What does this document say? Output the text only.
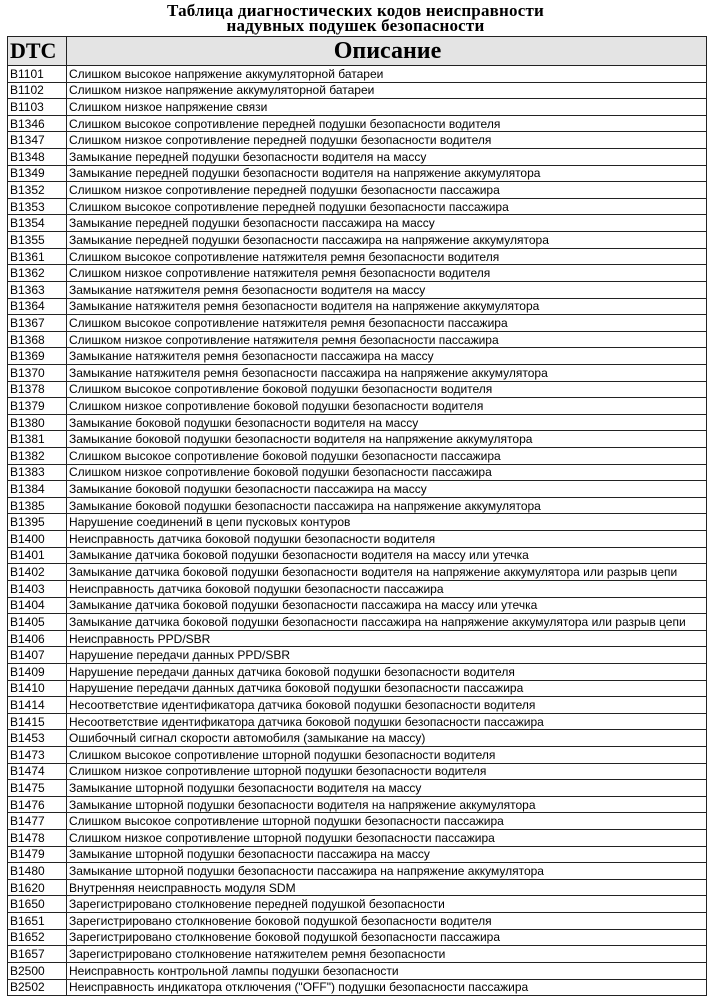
Таблица диагностических кодов неисправности
надувных подушек безопасности
DTC	Описание
B1101	Слишком высокое напряжение аккумуляторной батареи
B1102	Слишком низкое напряжение аккумуляторной батареи
B1103	Слишком низкое напряжение связи
B1346	Слишком высокое сопротивление передней подушки безопасности водителя
B1347	Слишком низкое сопротивление передней подушки безопасности водителя
B1348	Замыкание передней подушки безопасности водителя на массу
B1349	Замыкание передней подушки безопасности водителя на напряжение аккумулятора
B1352	Слишком низкое сопротивление передней подушки безопасности пассажира
B1353	Слишком высокое сопротивление передней подушки безопасности пассажира
B1354	Замыкание передней подушки безопасности пассажира на массу
B1355	Замыкание передней подушки безопасности пассажира на напряжение аккумулятора
B1361	Слишком высокое сопротивление натяжителя ремня безопасности водителя
B1362	Слишком низкое сопротивление натяжителя ремня безопасности водителя
B1363	Замыкание натяжителя ремня безопасности водителя на массу
B1364	Замыкание натяжителя ремня безопасности водителя на напряжение аккумулятора
B1367	Слишком высокое сопротивление натяжителя ремня безопасности пассажира
B1368	Слишком низкое сопротивление натяжителя ремня безопасности пассажира
B1369	Замыкание натяжителя ремня безопасности пассажира на массу
B1370	Замыкание натяжителя ремня безопасности пассажира на напряжение аккумулятора
B1378	Слишком высокое сопротивление боковой подушки безопасности водителя
B1379	Слишком низкое сопротивление боковой подушки безопасности водителя
B1380	Замыкание боковой подушки безопасности водителя на массу
B1381	Замыкание боковой подушки безопасности водителя на напряжение аккумулятора
B1382	Слишком высокое сопротивление боковой подушки безопасности пассажира
B1383	Слишком низкое сопротивление боковой подушки безопасности пассажира
B1384	Замыкание боковой подушки безопасности пассажира на массу
B1385	Замыкание боковой подушки безопасности пассажира на напряжение аккумулятора
B1395	Нарушение соединений в цепи пусковых контуров
B1400	Неисправность датчика боковой подушки безопасности водителя
B1401	Замыкание датчика боковой подушки безопасности водителя на массу или утечка
B1402	Замыкание датчика боковой подушки безопасности водителя на напряжение аккумулятора или разрыв цепи
B1403	Неисправность датчика боковой подушки безопасности пассажира
B1404	Замыкание датчика боковой подушки безопасности пассажира на массу или утечка
B1405	Замыкание датчика боковой подушки безопасности пассажира на напряжение аккумулятора или разрыв цепи
B1406	Неисправность PPD/SBR
B1407	Нарушение передачи данных PPD/SBR
B1409	Нарушение передачи данных датчика боковой подушки безопасности водителя
B1410	Нарушение передачи данных датчика боковой подушки безопасности пассажира
B1414	Несоответствие идентификатора датчика боковой подушки безопасности водителя
B1415	Несоответствие идентификатора датчика боковой подушки безопасности пассажира
B1453	Ошибочный сигнал скорости автомобиля (замыкание на массу)
B1473	Слишком высокое сопротивление шторной подушки безопасности водителя
B1474	Слишком низкое сопротивление шторной подушки безопасности водителя
B1475	Замыкание шторной подушки безопасности водителя на массу
B1476	Замыкание шторной подушки безопасности водителя на напряжение аккумулятора
B1477	Слишком высокое сопротивление шторной подушки безопасности пассажира
B1478	Слишком низкое сопротивление шторной подушки безопасности пассажира
B1479	Замыкание шторной подушки безопасности пассажира на массу
B1480	Замыкание шторной подушки безопасности пассажира на напряжение аккумулятора
B1620	Внутренняя неисправность модуля SDM
B1650	Зарегистрировано столкновение передней подушкой безопасности
B1651	Зарегистрировано столкновение боковой подушкой безопасности водителя
B1652	Зарегистрировано столкновение боковой подушкой безопасности пассажира
B1657	Зарегистрировано столкновение натяжителем ремня безопасности
B2500	Неисправность контрольной лампы подушки безопасности
B2502	Неисправность индикатора отключения ("OFF") подушки безопасности пассажира
